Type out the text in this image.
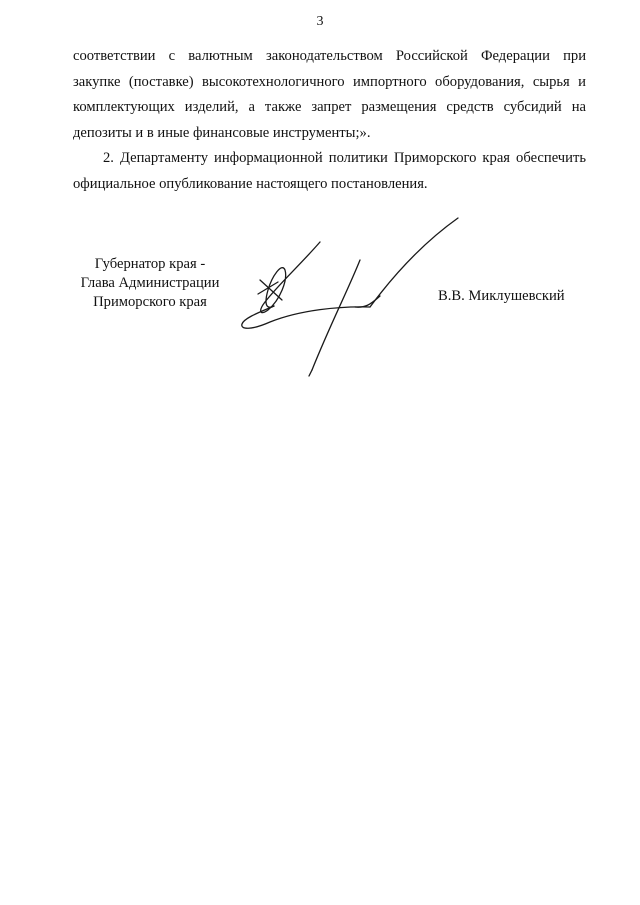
3
соответствии с валютным законодательством Российской Федерации при
закупке (поставке) высокотехнологичного импортного оборудования, сырья и
комплектующих изделий, а также запрет размещения средств субсидий на
депозиты и в иные финансовые инструменты;».
2. Департаменту информационной политики Приморского края обеспечить
официальное опубликование настоящего постановления.
Губернатор края -
Глава Администрации
Приморского края	В.В. Миклушевский
